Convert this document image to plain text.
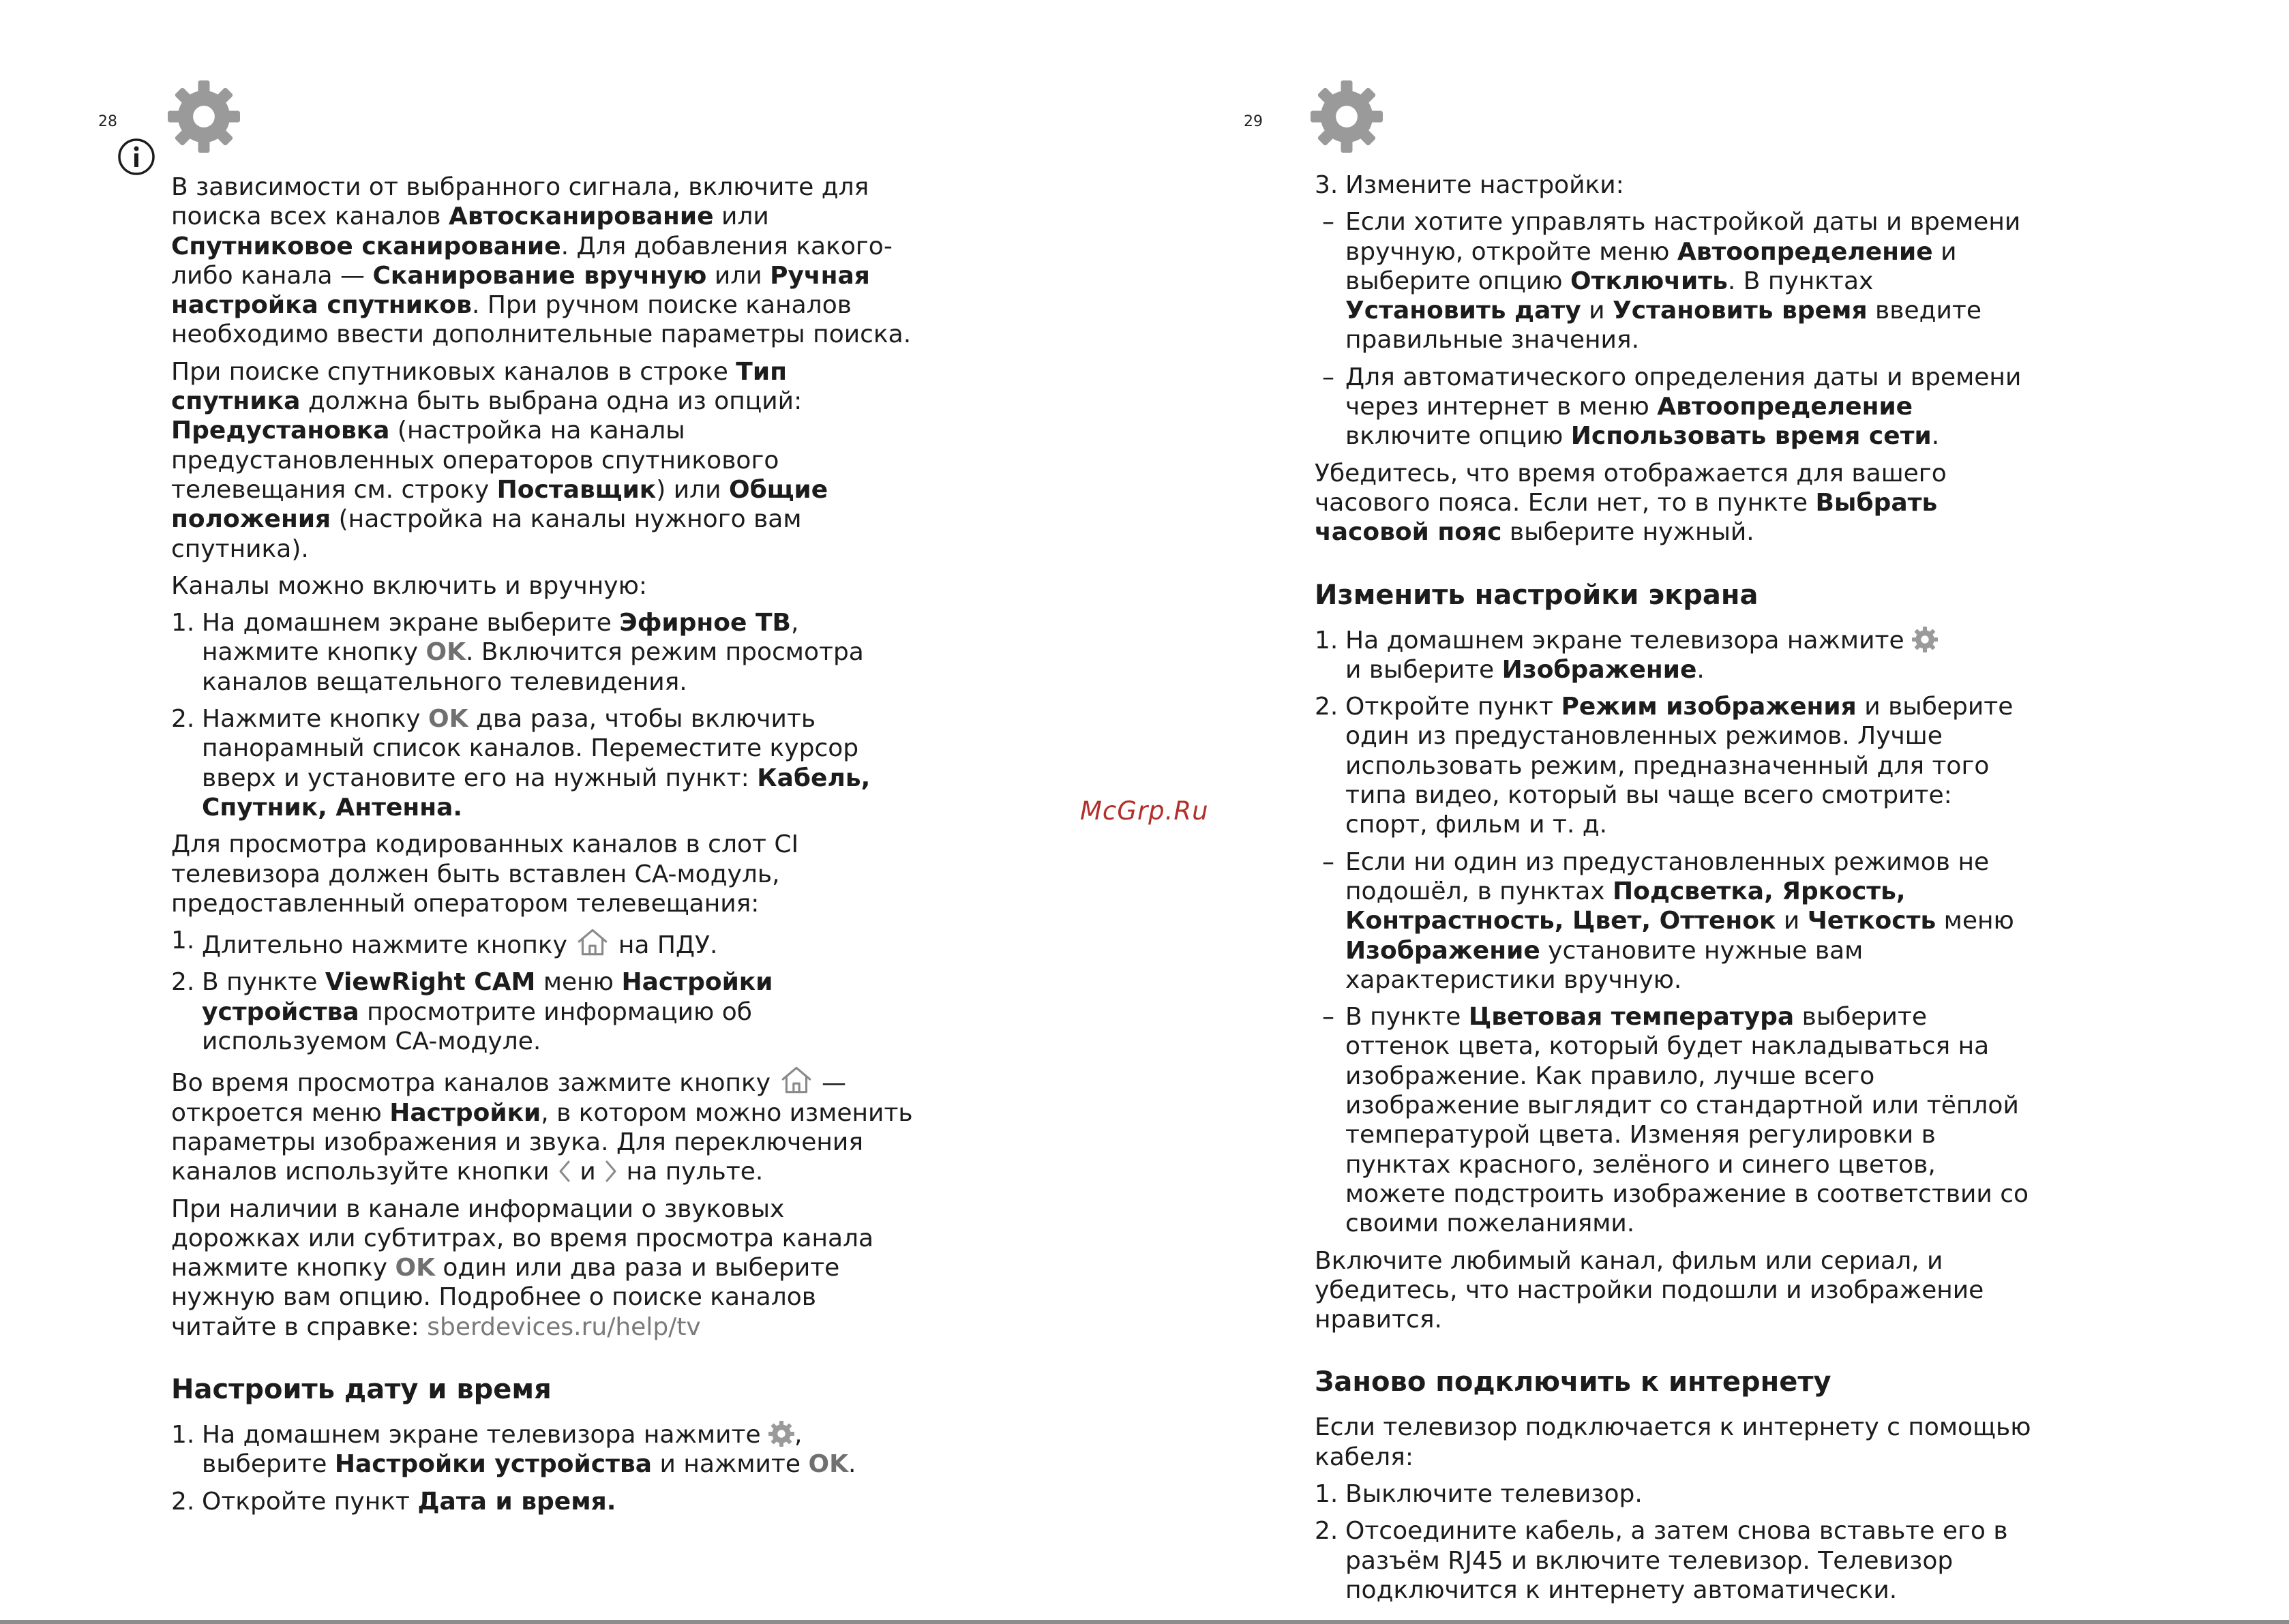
28

В зависимости от выбранного сигнала, включите для поиска всех каналов Автосканирование или Спутниковое сканирование. Для добавления какого-либо канала — Сканирование вручную или Ручная настройка спутников. При ручном поиске каналов необходимо ввести дополнительные параметры поиска.

При поиске спутниковых каналов в строке Тип спутника должна быть выбрана одна из опций: Предустановка (настройка на каналы предустановленных операторов спутникового телевещания см. строку Поставщик) или Общие положения (настройка на каналы нужного вам спутника).

Каналы можно включить и вручную:

1. На домашнем экране выберите Эфирное ТВ, нажмите кнопку OK. Включится режим просмотра каналов вещательного телевидения.
2. Нажмите кнопку OK два раза, чтобы включить панорамный список каналов. Переместите курсор вверх и установите его на нужный пункт: Кабель, Спутник, Антенна.

Для просмотра кодированных каналов в слот CI телевизора должен быть вставлен CA-модуль, предоставленный оператором телевещания:

1. Длительно нажмите кнопку  на ПДУ.
2. В пункте ViewRight CAM меню Настройки устройства просмотрите информацию об используемом CA-модуле.

Во время просмотра каналов зажмите кнопку  — откроется меню Настройки, в котором можно изменить параметры изображения и звука. Для переключения каналов используйте кнопки  и  на пульте.

При наличии в канале информации о звуковых дорожках или субтитрах, во время просмотра канала нажмите кнопку OK один или два раза и выберите нужную вам опцию. Подробнее о поиске каналов читайте в справке: sberdevices.ru/help/tv

Настроить дату и время
1. На домашнем экране телевизора нажмите , выберите Настройки устройства и нажмите OK.
2. Откройте пункт Дата и время.
McGrp.Ru
29
3. Измените настройки:
– Если хотите управлять настройкой даты и времени вручную, откройте меню Автоопределение и выберите опцию Отключить. В пунктах Установить дату и Установить время введите правильные значения.
– Для автоматического определения даты и времени через интернет в меню Автоопределение включите опцию Использовать время сети.

Убедитесь, что время отображается для вашего часового пояса. Если нет, то в пункте Выбрать часовой пояс выберите нужный.

Изменить настройки экрана
1. На домашнем экране телевизора нажмите
и выберите Изображение.
2. Откройте пункт Режим изображения и выберите один из предустановленных режимов. Лучше использовать режим, предназначенный для того типа видео, который вы чаще всего смотрите: спорт, фильм и т. д.
– Если ни один из предустановленных режимов не подошёл, в пунктах Подсветка, Яркость, Контрастность, Цвет, Оттенок и Четкость меню Изображение установите нужные вам характеристики вручную.
– В пункте Цветовая температура выберите оттенок цвета, который будет накладываться на изображение. Как правило, лучше всего изображение выглядит со стандартной или тёплой температурой цвета. Изменяя регулировки в пунктах красного, зелёного и синего цветов, можете подстроить изображение в соответствии со своими пожеланиями.

Включите любимый канал, фильм или сериал, и убедитесь, что настройки подошли и изображение нравится.

Заново подключить к интернету

Если телевизор подключается к интернету с помощью кабеля:

1. Выключите телевизор.
2. Отсоедините кабель, а затем снова вставьте его в разъём RJ45 и включите телевизор. Телевизор подключится к интернету автоматически.
